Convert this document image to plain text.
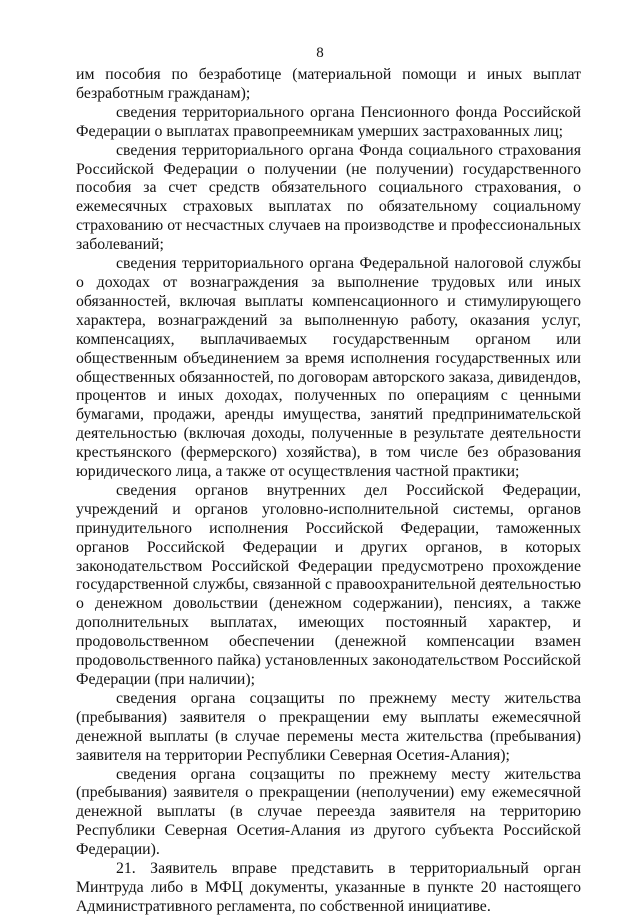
8

им пособия по безработице (материальной помощи и иных выплат безработным гражданам);

сведения территориального органа Пенсионного фонда Российской Федерации о выплатах правопреемникам умерших застрахованных лиц;

сведения территориального органа Фонда социального страхования Российской Федерации о получении (не получении) государственного пособия за счет средств обязательного социального страхования, о ежемесячных страховых выплатах по обязательному социальному страхованию от несчастных случаев на производстве и профессиональных заболеваний;

сведения территориального органа Федеральной налоговой службы о доходах от вознаграждения за выполнение трудовых или иных обязанностей, включая выплаты компенсационного и стимулирующего характера, вознаграждений за выполненную работу, оказания услуг, компенсациях, выплачиваемых государственным органом или общественным объединением за время исполнения государственных или общественных обязанностей, по договорам авторского заказа, дивидендов, процентов и иных доходах, полученных по операциям с ценными бумагами, продажи, аренды имущества, занятий предпринимательской деятельностью (включая доходы, полученные в результате деятельности крестьянского (фермерского) хозяйства), в том числе без образования юридического лица, а также от осуществления частной практики;

сведения органов внутренних дел Российской Федерации, учреждений и органов уголовно-исполнительной системы, органов принудительного исполнения Российской Федерации, таможенных органов Российской Федерации и других органов, в которых законодательством Российской Федерации предусмотрено прохождение государственной службы, связанной с правоохранительной деятельностью о денежном довольствии (денежном содержании), пенсиях, а также дополнительных выплатах, имеющих постоянный характер, и продовольственном обеспечении (денежной компенсации взамен продовольственного пайка) установленных законодательством Российской Федерации (при наличии);

сведения органа соцзащиты по прежнему месту жительства (пребывания) заявителя о прекращении ему выплаты ежемесячной денежной выплаты (в случае перемены места жительства (пребывания) заявителя на территории Республики Северная Осетия-Алания);

сведения органа соцзащиты по прежнему месту жительства (пребывания) заявителя о прекращении (неполучении) ему ежемесячной денежной выплаты (в случае переезда заявителя на территорию Республики Северная Осетия-Алания из другого субъекта Российской Федерации).

21. Заявитель вправе представить в территориальный орган Минтруда либо в МФЦ документы, указанные в пункте 20 настоящего Административного регламента, по собственной инициативе.
